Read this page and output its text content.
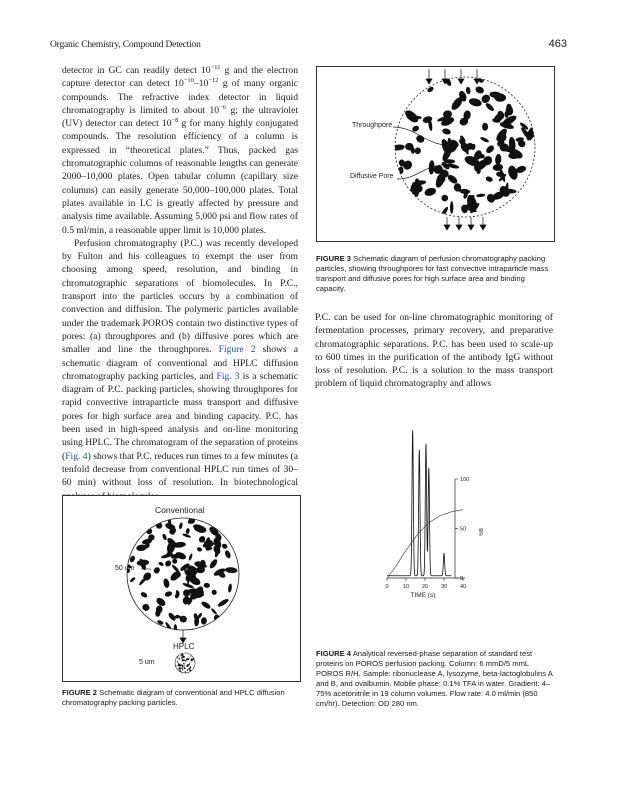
Organic Chemistry, Compound Detection	463

detector in GC can readily detect $10^{-11}$ g and the electron capture detector can detect $10^{-10}-10^{-12}$ g of many organic compounds. The refractive index detector in liquid chromatography is limited to about $10^{-6}$ g; the ultraviolet (UV) detector can detect $10^{-8}$ g for many highly conjugated compounds. The resolution efficiency of a column is expressed in “theoretical plates.” Thus, packed gas chromatographic columns of reasonable lengths can generate 2000–10,000 plates. Open tabular column (capillary size columns) can easily generate 50,000–100,000 plates. Total plates available in LC is greatly affected by pressure and analysis time available. Assuming 5,000 psi and flow rates of 0.5 ml/min, a reasonable upper limit is 10,000 plates.

Perfusion chromatography (P.C.) was recently developed by Fulton and his colleagues to exempt the user from choosing among speed, resolution, and binding in chromatographic separations of biomolecules. In P.C., transport into the particles occurs by a combination of convection and diffusion. The polymeric particles available under the trademark POROS contain two distinctive types of pores: (a) throughpores and (b) diffusive pores which are smaller and line the throughpores. Figure 2 shows a schematic diagram of conventional and HPLC diffusion chromatography packing particles, and Fig. 3 is a schematic diagram of P.C. packing particles, showing throughpores for rapid convective intraparticle mass transport and diffusive pores for high surface area and binding capacity. P.C. has been used in high-speed analysis and on-line monitoring using HPLC. The chromatogram of the separation of proteins (Fig. 4) shows that P.C. reduces run times to a few minutes (a tenfold decrease from conventional HPLC run times of 30–60 min) without loss of resolution. In biotechnological

P.C. can be used for on-line chromatographic monitoring of fermentation processes, primary recovery, and preparative chromatographic separations. P.C. has been used to scale-up to 600 times in the purification of the antibody IgG without loss of resolution. P.C. is a solution to the mass transport problem of liquid chromatography and allows

Throughpore
Diffusive Pore
FIGURE 3 Schematic diagram of perfusion chromatography packing particles, showing throughpores for fast convective intraparticle mass transport and diffusive pores for high surface area and binding capacity.
0	10 20 30 40
0
50
100
TIME (s)
%B
FIGURE 4 Analytical reversed-phase separation of standard test proteins on POROS perfusion packing. Column: 6 mmD/5 mmL POROS R/H. Sample: ribonuclease A, lysozyme, beta-lactoglobulins A and B, and ovalbumin. Mobile phase: 0.1% TFA in water. Gradient: 4–75% acetonitrile in 19 column volumes. Flow rate: 4.0 ml/min (850 cm/hr). Detection: OD 280 nm.
Conventional
50 um
HPLC
5 um
FIGURE 2 Schematic diagram of conventional and HPLC diffusion chromatography packing particles.
